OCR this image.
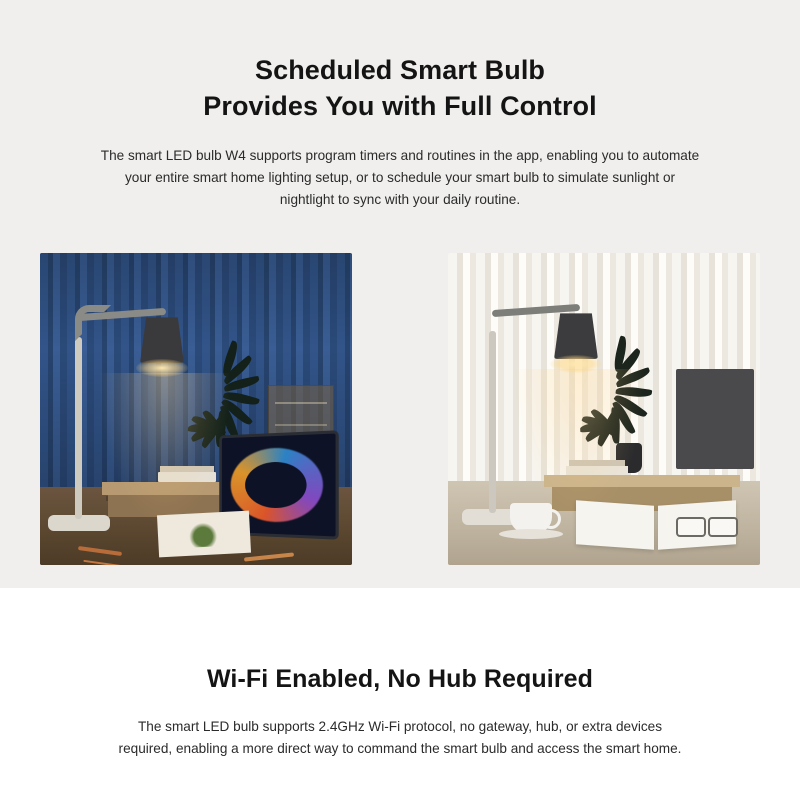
Scheduled Smart Bulb
Provides You with Full Control

The smart LED bulb W4 supports program timers and routines in the app, enabling you to automate your entire smart home lighting setup, or to schedule your smart bulb to simulate sunlight or nightlight to sync with your daily routine.

Wi-Fi Enabled, No Hub Required

The smart LED bulb supports 2.4GHz Wi-Fi protocol, no gateway, hub, or extra devices required, enabling a more direct way to command the smart bulb and access the smart home.
